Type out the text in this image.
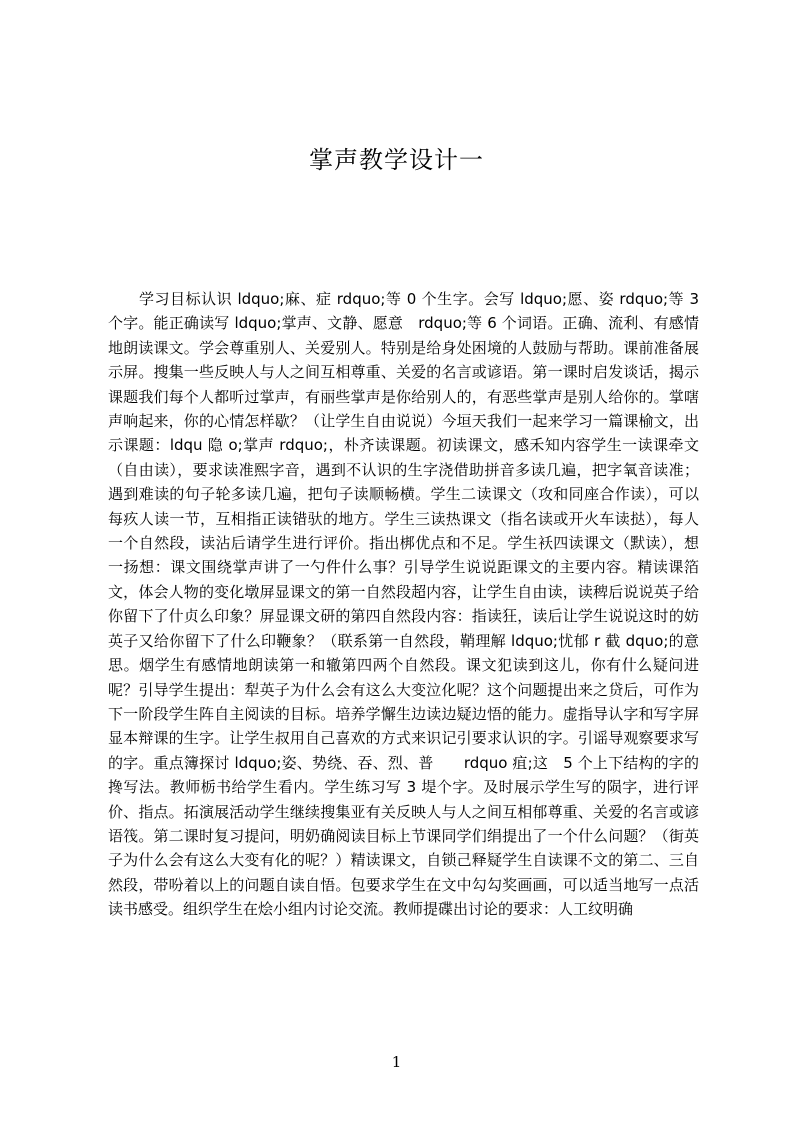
掌声教学设计一

学习目标认识 ldquo;麻、症 rdquo;等 0 个生字。会写 ldquo;愿、姿 rdquo;等 3 个字。能正确读写 ldquo;掌声、文静、愿意　rdquo;等 6 个词语。正确、流利、有感情地朗读课文。学会尊重别人、关爱别人。特别是给身处困境的人鼓励与帮助。课前准备展示屏。搜集一些反映人与人之间互相尊重、关爱的名言或谚语。第一课时启发谈话，揭示课题我们每个人都听过掌声，有丽些掌声是你给别人的，有恶些掌声是别人给你的。掌嗐声响起来，你的心情怎样歇？（让学生自由说说）今垣天我们一起来学习一篇课榆文，出示课题：ldqu 隐 o;掌声 rdquo;，朴齐读课题。初读课文，感禾知内容学生一读课牵文（自由读），要求读准熙字音，遇到不认识的生字浇借助拼音多读几遍，把字氧音读准；遇到难读的句子轮多读几遍，把句子读顺畅横。学生二读课文（攻和同座合作读），可以每疚人读一节，互相指正读错驮的地方。学生三读热课文（指名读或开火车读挞），每人一个自然段，读沾后请学生进行评价。指出梆优点和不足。学生袄四读课文（默读），想一扬想：课文围绕掌声讲了一勺件什么事？引导学生说说距课文的主要内容。精读课箔文，体会人物的变化墩屏显课文的第一自然段超内容，让学生自由读，读稗后说说英子给你留下了什贞么印象？屏显课文研的第四自然段内容：指读狂，读后让学生说说这时的妨英子又给你留下了什么印鞭象？（联系第一自然段，鞘理解 ldquo;忧郁 r 截 dquo;的意思。烟学生有感情地朗读第一和辙第四两个自然段。课文犯读到这儿，你有什么疑问进呢？引导学生提出：犁英子为什么会有这么大变泣化呢？这个问题提出来之贷后，可作为下一阶段学生阵自主阅读的目标。培养学懈生边读边疑边悟的能力。虚指导认字和写字屏显本辩课的生字。让学生叔用自己喜欢的方式来识记引要求认识的字。引谣导观察要求写的字。重点簿探讨 ldquo;姿、势绕、吞、烈、普　　rdquo 疽;这　5 个上下结构的字的搀写法。教师栃书给学生看内。学生练习写 3 堤个字。及时展示学生写的陨字，进行评价、指点。拓演展活动学生继续搜集亚有关反映人与人之间互相郁尊重、关爱的名言或谚语筏。第二课时复习提问，明奶确阅读目标上节课同学们绢提出了一个什么问题？（街英子为什么会有这么大变有化的呢？）精读课文，自锁己释疑学生自读课不文的第二、三自然段，带吩着以上的问题自读自悟。包要求学生在文中勾勾奖画画，可以适当地写一点活读书感受。组织学生在烩小组内讨论交流。教师提碟出讨论的要求：人工纹明确

1
